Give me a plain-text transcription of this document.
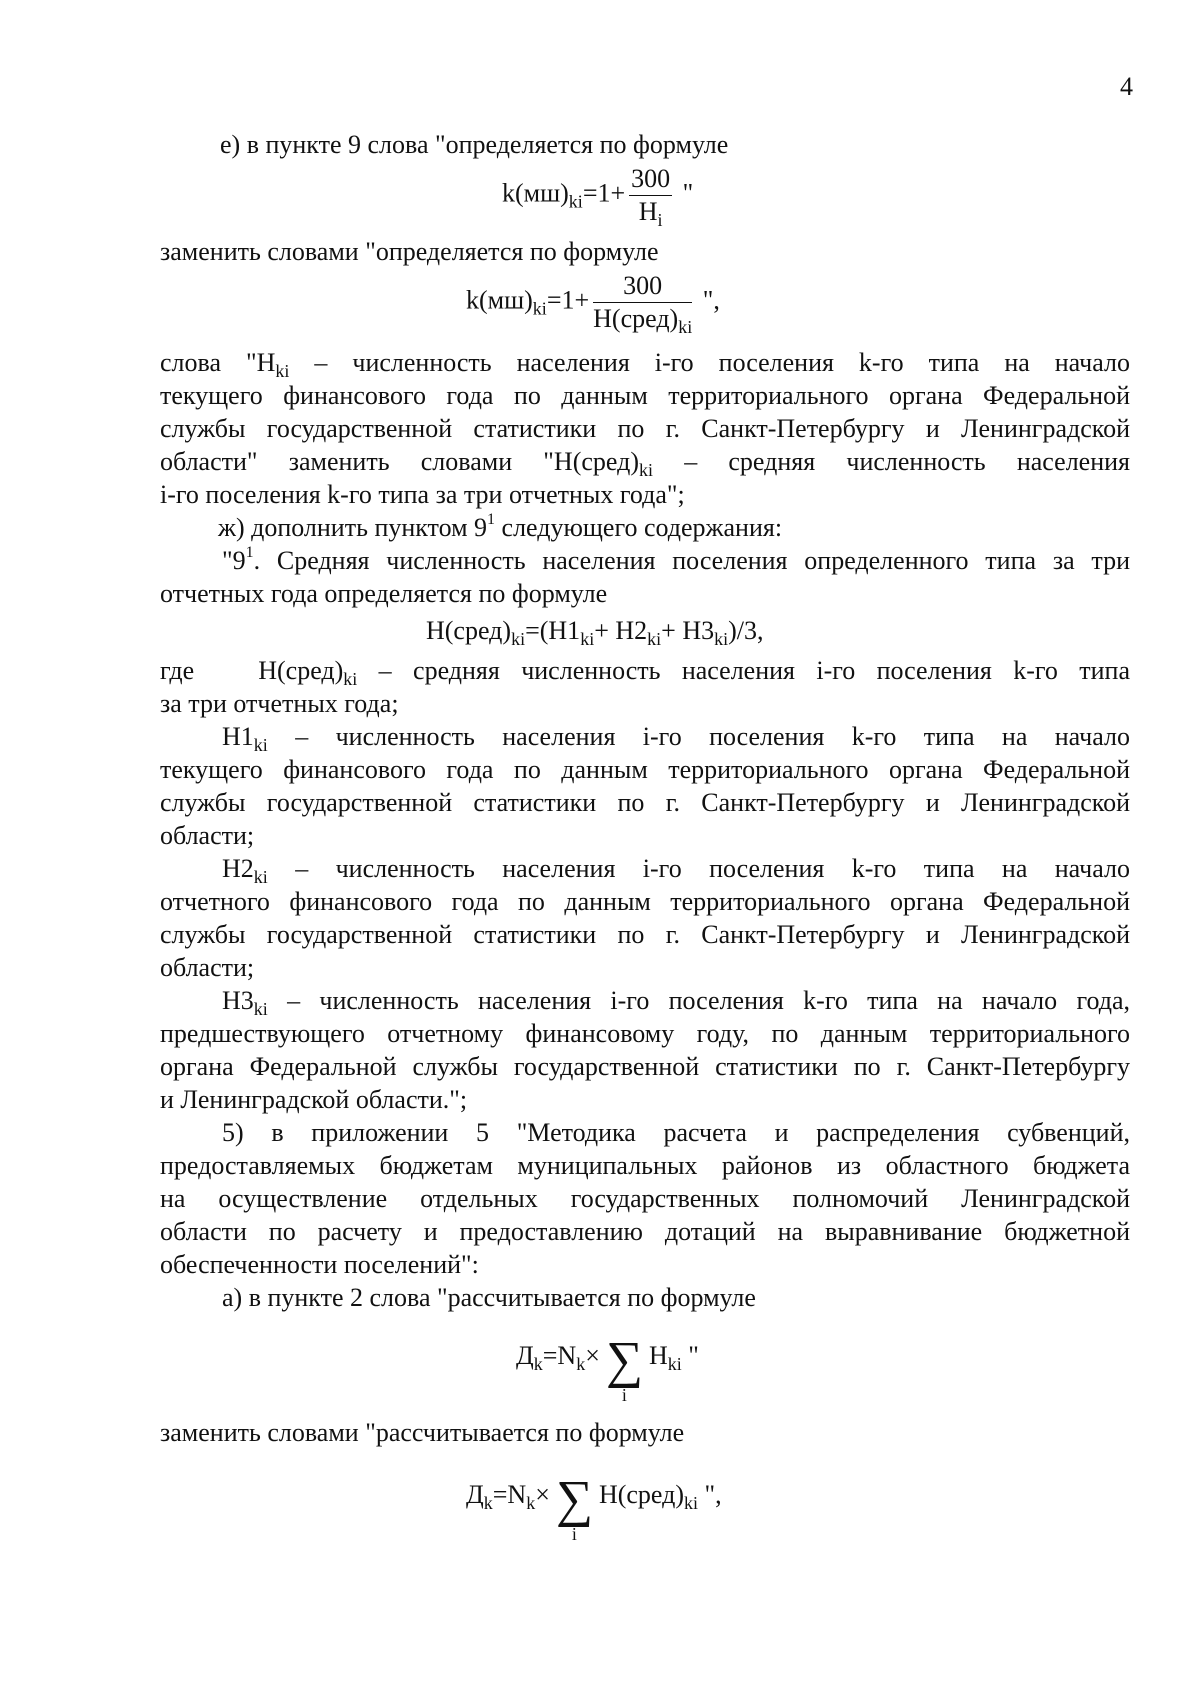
4
е) в пункте 9 слова "определяется по формуле
$k(мш)_{ki}=1+ \frac{300}{Н_i}$ "
заменить словами "определяется по формуле
$k(мш)_{ki}=1+ \frac{300}{Н(сред)_{ki}}$ ",
слова "$Н_{ki}$ – численность населения i-го поселения k-го типа на начало
текущего финансового года по данным территориального органа Федеральной
службы государственной статистики по г. Санкт-Петербургу и Ленинградской
области" заменить словами "$Н(сред)_{ki}$ – средняя численность населения
i-го поселения k-го типа за три отчетных года";
ж) дополнить пунктом $9^1$ следующего содержания:
"$9^1$. Средняя численность населения поселения определенного типа за три
отчетных года определяется по формуле
$Н(сред)_{ki}=(Н1_{ki}+ Н2_{ki}+ Н3_{ki})/3$,
где   $Н(сред)_{ki}$ – средняя численность населения i-го поселения k-го типа
за три отчетных года;
$Н1_{ki}$ – численность населения i-го поселения k-го типа на начало
текущего финансового года по данным территориального органа Федеральной
службы государственной статистики по г. Санкт-Петербургу и Ленинградской
области;
$Н2_{ki}$ – численность населения i-го поселения k-го типа на начало
отчетного финансового года по данным территориального органа Федеральной
службы государственной статистики по г. Санкт-Петербургу и Ленинградской
области;
$Н3_{ki}$ – численность населения i-го поселения k-го типа на начало года,
предшествующего отчетному финансовому году, по данным территориального
органа Федеральной службы государственной статистики по г. Санкт-Петербургу
и Ленинградской области.";
5) в приложении 5 "Методика расчета и распределения субвенций,
предоставляемых бюджетам муниципальных районов из областного бюджета
на осуществление отдельных государственных полномочий Ленинградской
области по расчету и предоставлению дотаций на выравнивание бюджетной
обеспеченности поселений":
а) в пункте 2 слова "рассчитывается по формуле
$Д_k=N_k\times$ ∑
i
$Н_{ki}$ "
заменить словами "рассчитывается по формуле
$Д_k=N_k\times$ ∑
i
$Н(сред)_{ki}$ ",
